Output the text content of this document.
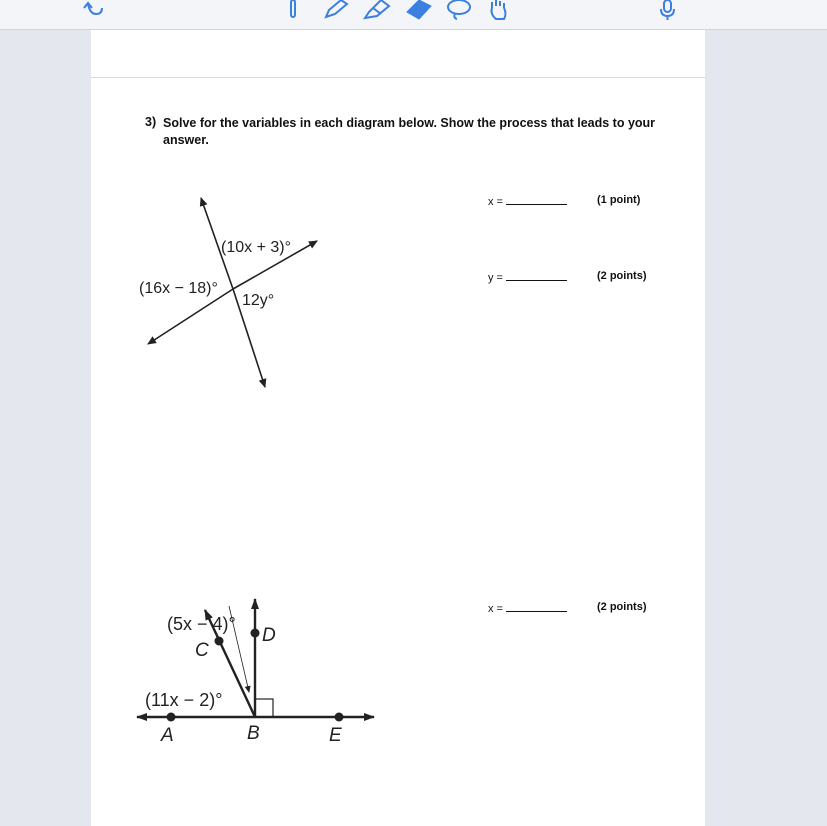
3) Solve for the variables in each diagram below. Show the process that leads to your answer.
(10x + 3)°
(16x − 18)°
12y°
x =	(1 point)
y =	(2 points)
(5x − 4)°
(11x − 2)°
A	B
C
D
E
x =	(2 points)
